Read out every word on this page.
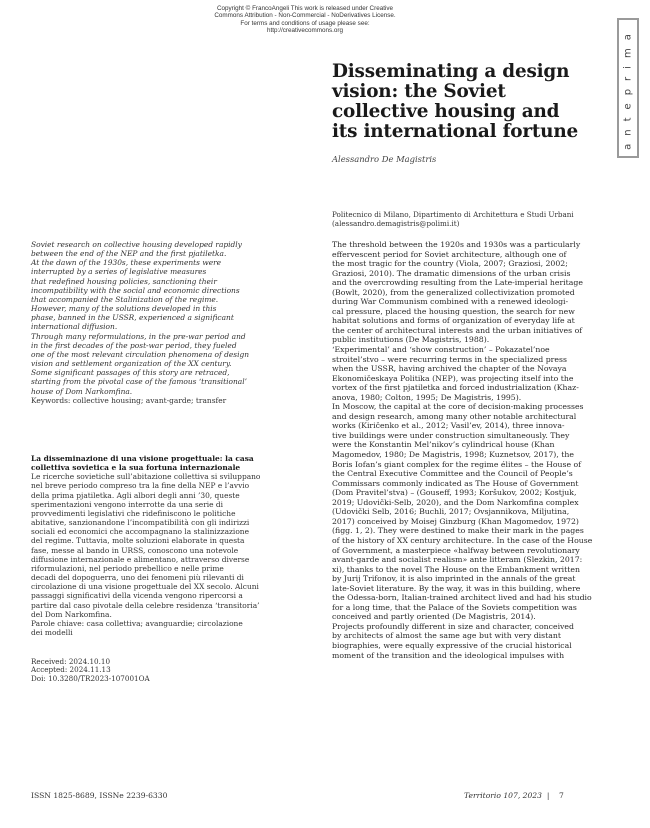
Copyright © FrancoAngeli This work is released under Creative
Commons Attribution - Non-Commercial - NoDerivatives License.
For terms and conditions of usage please see:
http://creativecommons.org	anteprima
Disseminating a design
vision: the Soviet
collective housing and
its international fortune
Alessandro De Magistris
Politecnico di Milano, Dipartimento di Architettura e Studi Urbani
(alessandro.demagistris@polimi.it)
Soviet research on collective housing developed rapidly
between the end of the NEP and the first pjatiletka.
At the dawn of the 1930s, these experiments were
interrupted by a series of legislative measures
that redefined housing policies, sanctioning their
incompatibility with the social and economic directions
that accompanied the Stalinization of the regime.
However, many of the solutions developed in this
phase, banned in the USSR, experienced a significant
international diffusion.
Through many reformulations, in the pre-war period and
in the first decades of the post-war period, they fueled
one of the most relevant circulation phenomena of design
vision and settlement organization of the XX century.
Some significant passages of this story are retraced,
starting from the pivotal case of the famous ‘transitional’
house of Dom Narkomfina.
Keywords: collective housing; avant-garde; transfer
La disseminazione di una visione progettuale: la casa
collettiva sovietica e la sua fortuna internazionale
Le ricerche sovietiche sull’abitazione collettiva si sviluppano
nel breve periodo compreso tra la fine della NEP e l’avvio
della prima pjatiletka. Agli albori degli anni ’30, queste
sperimentazioni vengono interrotte da una serie di
provvedimenti legislativi che ridefiniscono le politiche
abitative, sanzionandone l’incompatibilità con gli indirizzi
sociali ed economici che accompagnano la stalinizzazione
del regime. Tuttavia, molte soluzioni elaborate in questa
fase, messe al bando in URSS, conoscono una notevole
diffusione internazionale e alimentano, attraverso diverse
riformulazioni, nel periodo prebellico e nelle prime
decadi del dopoguerra, uno dei fenomeni più rilevanti di
circolazione di una visione progettuale del XX secolo. Alcuni
passaggi significativi della vicenda vengono ripercorsi a
partire dal caso pivotale della celebre residenza ‘transitoria’
del Dom Narkomfina.
Parole chiave: casa collettiva; avanguardie; circolazione
dei modelli
Received: 2024.10.10
Accepted: 2024.11.13
Doi: 10.3280/TR2023-107001OA
The threshold between the 1920s and 1930s was a particularly
effervescent period for Soviet architecture, although one of
the most tragic for the country (Viola, 2007; Graziosi, 2002;
Graziosi, 2010). The dramatic dimensions of the urban crisis
and the overcrowding resulting from the Late-imperial heritage
(Bowlt, 2020), from the generalized collectivization promoted
during War Communism combined with a renewed ideologi-
cal pressure, placed the housing question, the search for new
habitat solutions and forms of organization of everyday life at
the center of architectural interests and the urban initiatives of
public institutions (De Magistris, 1988).
‘Experimental’ and ‘show construction’ – Pokazatel’noe
stroitel’stvo – were recurring terms in the specialized press
when the USSR, having archived the chapter of the Novaya
Ekonomičeskaya Politika (NEP), was projecting itself into the
vortex of the first pjatiletka and forced industrialization (Khaz-
anova, 1980; Colton, 1995; De Magistris, 1995).
In Moscow, the capital at the core of decision-making processes
and design research, among many other notable architectural
works (Kiričenko et al., 2012; Vasil’ev, 2014), three innova-
tive buildings were under construction simultaneously. They
were the Konstantin Mel’nikov’s cylindrical house (Khan
Magomedov, 1980; De Magistris, 1998; Kuznetsov, 2017), the
Boris Iofan’s giant complex for the regime élites – the House of
the Central Executive Committee and the Council of People’s
Commissars commonly indicated as The House of Government
(Dom Pravitel’stva) – (Gouseff, 1993; Koršukov, 2002; Kostjuk,
2019; Udovički-Selb, 2020), and the Dom Narkomfina complex
(Udovički Selb, 2016; Buchli, 2017; Ovsjannikova, Miljutina,
2017) conceived by Moisej Ginzburg (Khan Magomedov, 1972)
(figg. 1, 2). They were destined to make their mark in the pages
of the history of XX century architecture. In the case of the House
of Government, a masterpiece «halfway between revolutionary
avant-garde and socialist realism» ante litteram (Slezkin, 2017:
xi), thanks to the novel The House on the Embankment written
by Jurij Trifonov, it is also imprinted in the annals of the great
late-Soviet literature. By the way, it was in this building, where
the Odessa-born, Italian-trained architect lived and had his studio
for a long time, that the Palace of the Soviets competition was
conceived and partly oriented (De Magistris, 2014).
Projects profoundly different in size and character, conceived
by architects of almost the same age but with very distant
biographies, were equally expressive of the crucial historical
moment of the transition and the ideological impulses with
ISSN 1825-8689, ISSNe 2239-6330	Territorio 107, 2023 | 7
